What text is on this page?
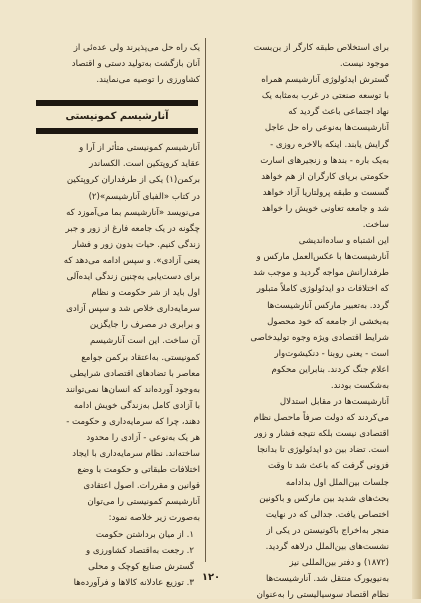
برای استخلاص طبقه کارگر از بن‌بست
موجود نیست.
گسترش ایدئولوژی آنارشیسم همراه
با توسعه صنعتی در غرب به‌مثابه یک
نهاد اجتماعی باعث گردید که
آنارشیست‌ها به‌نوعی راه حل عاجل
گرایش یابند. اینکه بالاخره روزی -
به‌یک باره - بندها و زنجیرهای اسارت
حکومتی برپای کارگران از هم خواهد
گسست و طبقه پرولتاریا آزاد خواهد
شد و جامعه تعاونی خویش را خواهد
ساخت.
این اشتباه و ساده‌اندیشی
آنارشیست‌ها با عکس‌العمل مارکس و
طرفدارانش مواجه گردید و موجب شد
که اختلافات دو ایدئولوژی کاملاً متبلور
گردد. به‌تعبیر مارکس آنارشیست‌ها
به‌بخشی از جامعه که خود محصول
شرایط اقتصادی ویژه وجوه تولیدخاصی
است - یعنی روبنا - دنکیشوت‌وار
اعلام جنگ کردند. بنابراین محکوم
به‌شکست بودند.
آنارشیست‌ها در مقابل استدلال
می‌کردند که دولت صرفاً ماحصل نظام
اقتصادی نیست بلکه نتیجه فشار و زور
است. تضاد بین دو ایدئولوژی تا بدانجا
فزونی گرفت که باعث شد تا وقت
جلسات بین‌الملل اول بدادامه
بحث‌های شدید بین مارکس و باکونین
اختصاص یافت. جدالی که در نهایت
منجر به‌اخراج باکونیستن در یکی از
نشست‌های بین‌الملل درلاهه گردید.
(۱۸۷۲) و دفتر بین‌المللی نیز
به‌نیویورک منتقل شد. آنارشیست‌ها
نظام اقتصاد سوسیالیستی را به‌عنوان
یک راه حل می‌پذیرند ولی عده‌ئی از
آنان بازگشت به‌تولید دستی و اقتصاد
کشاورزی را توصیه می‌نمایند.
آنارشیسم کمونیستی
آنارشیسم کمونیستی متأثر از آرا و
عقاید کروپتکین است. الکساندر
برکمن(۱) یکی از طرفداران کروپتکین
در کتاب «الفبای آنارشیسم»(۲)
می‌نویسد «آنارشیسم بما می‌آموزد که
چگونه در یک جامعه فارغ از زور و جبر
زندگی کنیم. حیات بدون زور و فشار
یعنی آزادی». و سپس ادامه می‌دهد که
برای دست‌یابی به‌چنین زندگی ایده‌آلی
اول باید از شر حکومت و نظام
سرمایه‌داری خلاص شد و سپس آزادی
و برابری در مصرف را جایگزین
آن ساخت. این است آنارشیسم
کمونیستی. به‌اعتقاد برکمن جوامع
معاصر با تضادهای اقتصادی شرایطی
به‌وجود آورده‌اند که انسان‌ها نمی‌توانند
با آزادی کامل به‌زندگی خویش ادامه
دهند، چرا که سرمایه‌داری و حکومت -
هر یک به‌نوعی - آزادی را محدود
ساخته‌اند. نظام سرمایه‌داری با ایجاد
اختلافات طبقاتی و حکومت با وضع
قوانین و مقررات. اصول اعتقادی
آنارشیسم کمونیستی را می‌توان
به‌صورت زیر خلاصه نمود:
۱. از میان برداشتن حکومت
۲. رجعت به‌اقتصاد کشاورزی و
گسترش صنایع کوچک و محلی
۳. توزیع عادلانه کالاها و فرآورده‌ها ۱۲۰
